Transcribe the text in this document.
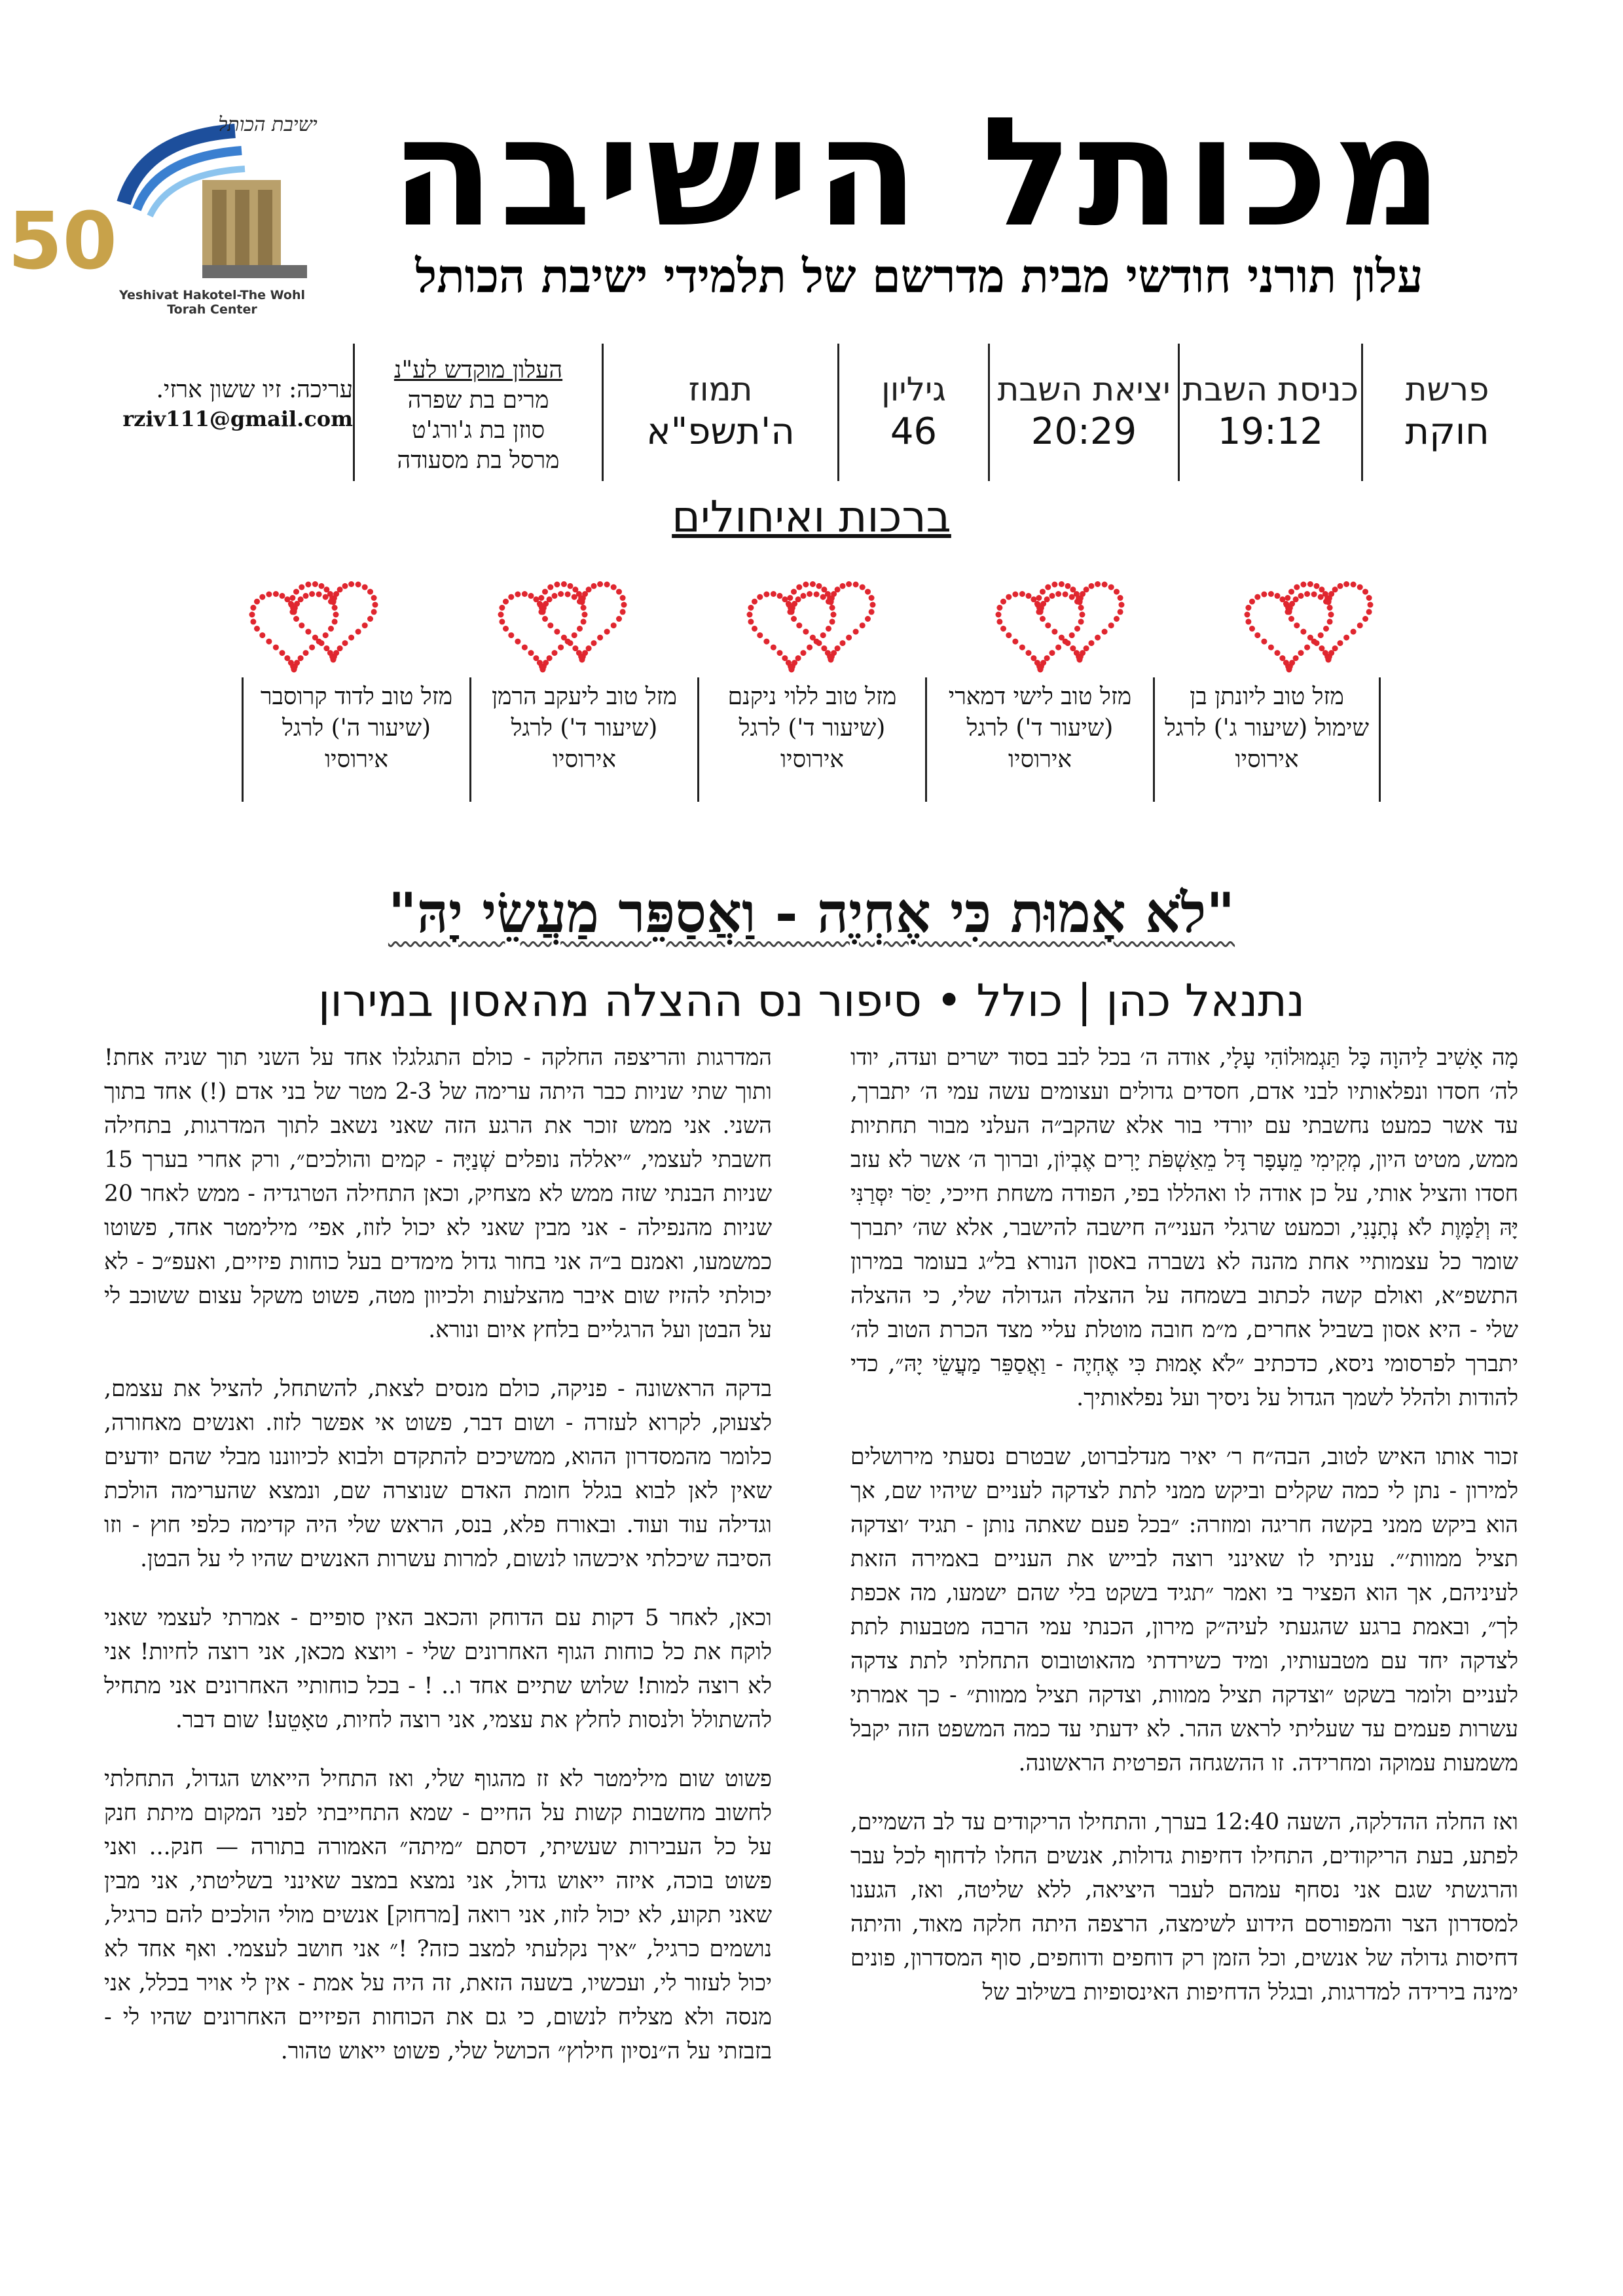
מכותל הישיבה
עלון תורני חודשי מבית מדרשם של תלמידי ישיבת הכותל
50
ישיבת הכותל
Yeshivat Hakotel-The Wohl Torah Center
פרשת
חוקת
כניסת השבת
19:12
יציאת השבת
20:29
גיליון
46
תמוז
ה'תשפ"א
העלון מוקדש לע"נ
מרים בת שפרה
סוזן בת ג'ורג'ט
מרסל בת מסעודה
עריכה: זיו ששון ארזי.
rziv111@gmail.com
ברכות ואיחולים
מזל טוב ליונתן בן שימול (שיעור ג') לרגל אירוסיו
מזל טוב לישי דמארי (שיעור ד') לרגל אירוסיו
מזל טוב ללוי ניקנם (שיעור ד') לרגל אירוסיו
מזל טוב ליעקב הרמן (שיעור ד') לרגל אירוסיו
מזל טוב לדוד קרוסבר (שיעור ה') לרגל אירוסיו
"לֹא אָמוּת כִּי אֶחְיֶה - וַאֲסַפֵּר מַעֲשֵׂי יָהּ"
נתנאל כהן | כולל • סיפור נס ההצלה מהאסון במירון

מָה אָשִׁיב לַיהוָה כָּל תַּגְמוּלוֹהִי עָלָי, אודה ה׳ בכל לבב בסוד ישרים ועדה, יודו לה׳ חסדו ונפלאותיו לבני אדם, חסדים גדולים ועצומים עשה עמי ה׳ יתברך, עד אשר כמעט נחשבתי עם יורדי בור אלא שהקב״ה העלני מבור תחתיות ממש, מטיט היון, מְקִימִי מֵעָפָר דָּל מֵאַשְׁפֹּת יָרִים אֶבְיוֹן, וברוך ה׳ אשר לא עזב חסדו והציל אותי, על כן אודה לו ואהללו בפי, הפודה משחת חייכי, יַסֹּר יִסְּרַנִּי יָּהּ וְלַמָּוֶת לֹא נְתָנָנִי, וכמעט שרגלי העני״ה חישבה להישבר, אלא שה׳ יתברך שומר כל עצמותיי אחת מהנה לא נשברה באסון הנורא בל״ג בעומר במירון התשפ״א, ואולם קשה לכתוב בשמחה על ההצלה הגדולה שלי, כי ההצלה שלי - היא אסון בשביל אחרים, מ״מ חובה מוטלת עליי מצד הכרת הטוב לה׳ יתברך לפרסומי ניסא, כדכתיב ״לֹא אָמוּת כִּי אֶחְיֶה - וַאֲסַפֵּר מַעֲשֵׂי יָהּ״, כדי להודות ולהלל לשמך הגדול על ניסיך ועל נפלאותיך.

זכור אותו האיש לטוב, הבה״ח ר׳ יאיר מנדלברוט, שבטרם נסעתי מירושלים למירון - נתן לי כמה שקלים וביקש ממני לתת לצדקה לעניים שיהיו שם, אך הוא ביקש ממני בקשה חריגה ומוזרה: ״בכל פעם שאתה נותן - תגיד ׳וצדקה תציל ממוות׳״. עניתי לו שאינני רוצה לבייש את העניים באמירה הזאת לעיניהם, אך הוא הפציר בי ואמר ״תגיד בשקט בלי שהם ישמעו, מה אכפת לך״, ובאמת ברגע שהגעתי לעיה״ק מירון, הכנתי עמי הרבה מטבעות לתת לצדקה יחד עם מטבעותיו, ומיד כשירדתי מהאוטובוס התחלתי לתת צדקה לעניים ולומר בשקט ״וצדקה תציל ממוות, וצדקה תציל ממוות״ - כך אמרתי עשרות פעמים עד שעליתי לראש ההר. לא ידעתי עד כמה המשפט הזה יקבל משמעות עמוקה ומחרידה. זו ההשגחה הפרטית הראשונה.

ואז החלה ההדלקה, השעה 12:40 בערך, והתחילו הריקודים עד לב השמיים, לפתע, בעת הריקודים, התחילו דחיפות גדולות, אנשים החלו לדחוף לכל עבר והרגשתי שגם אני נסחף עמהם לעבר היציאה, ללא שליטה, ואז, הגענו למסדרון הצר והמפורסם הידוע לשימצה, הרצפה היתה חלקה מאוד, והיתה דחיסות גדולה של אנשים, וכל הזמן רק דוחפים ודוחפים, סוף המסדרון, פונים ימינה בירידה למדרגות, ובגלל הדחיפות האינסופיות בשילוב של

המדרגות והריצפה החלקה - כולם התגלגלו אחד על השני תוך שניה אחת! ותוך שתי שניות כבר היתה ערימה של 2-3 מטר של בני אדם (!) אחד בתוך השני. אני ממש זוכר את הרגע הזה שאני נשאב לתוך המדרגות, בתחילה חשבתי לעצמי, ״יאללה נופלים שְׁנַיָּה - קמים והולכים״, ורק אחרי בערך 15 שניות הבנתי שזה ממש לא מצחיק, וכאן התחילה הטרגדיה - ממש לאחר 20 שניות מהנפילה - אני מבין שאני לא יכול לזוז, אפי׳ מילימטר אחד, פשוטו כמשמעו, ואמנם ב״ה אני בחור גדול מימדים בעל כוחות פיזיים, ואעפ״כ - לא יכולתי להזיז שום איבר מהצלעות ולכיוון מטה, פשוט משקל עצום ששוכב לי על הבטן ועל הרגליים בלחץ איום ונורא.

בדקה הראשונה - פניקה, כולם מנסים לצאת, להשתחל, להציל את עצמם, לצעוק, לקרוא לעזרה - ושום דבר, פשוט אי אפשר לזוז. ואנשים מאחורה, כלומר מהמסדרון ההוא, ממשיכים להתקדם ולבוא לכיווננו מבלי שהם יודעים שאין לאן לבוא בגלל חומת האדם שנוצרה שם, ונמצא שהערימה הולכת וגדילה עוד ועוד. ובאורח פלא, בנס, הראש שלי היה קדימה כלפי חוץ - וזו הסיבה שיכלתי איכשהו לנשום, למרות עשרות האנשים שהיו לי על הבטן.

וכאן, לאחר 5 דקות עם הדוחק והכאב האין סופיים - אמרתי לעצמי שאני לוקח את כל כוחות הגוף האחרונים שלי - ויוצא מכאן, אני רוצה לחיות! אני לא רוצה למות! שלוש שתיים אחד ו.. ! - בכל כוחותיי האחרונים אני מתחיל להשתולל ולנסות לחלץ את עצמי, אני רוצה לחיות, טאָטֵע! שום דבר.

פשוט שום מילימטר לא זז מהגוף שלי, ואז התחיל הייאוש הגדול, התחלתי לחשוב מחשבות קשות על החיים - שמא התחייבתי לפני המקום מיתת חנק על כל העבירות שעשיתי, דסתם ״מיתה״ האמורה בתורה — חנק... ואני פשוט בוכה, איזה ייאוש גדול, אני נמצא במצב שאינני בשליטתי, אני מבין שאני תקוע, לא יכול לזוז, אני רואה [מרחוק] אנשים מולי הולכים להם כרגיל, נושמים כרגיל, ״איך נקלעתי למצב כזה? !״ אני חושב לעצמי. ואף אחד לא יכול לעזור לי, ועכשיו, בשעה הזאת, זה היה על אמת - אין לי אויר בכלל, אני מנסה ולא מצליח לנשום, כי גם את הכוחות הפיזיים האחרונים שהיו לי - בזבזתי על ה״נסיון חילוץ״ הכושל שלי, פשוט ייאוש טהור.
